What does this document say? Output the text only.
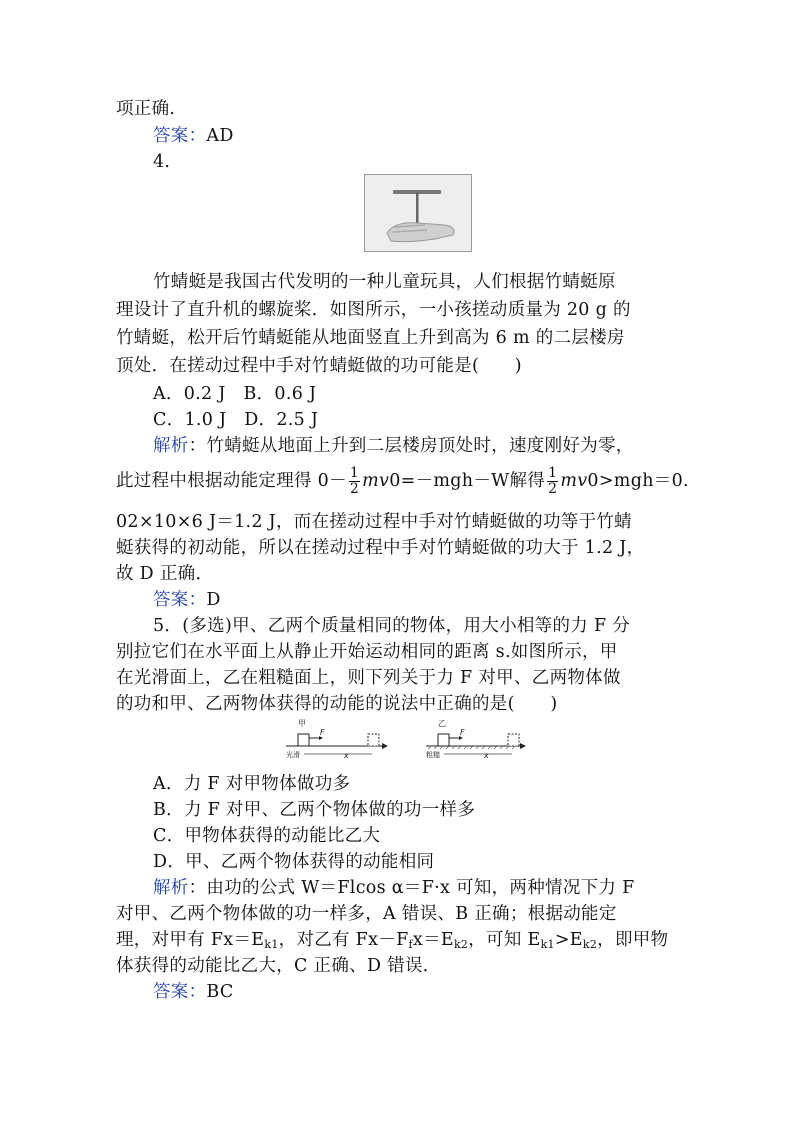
项正确.
答案：AD
4.
竹蜻蜓是我国古代发明的一种儿童玩具，人们根据竹蜻蜓原
理设计了直升机的螺旋桨．如图所示，一小孩搓动质量为 20 g 的
竹蜻蜓，松开后竹蜻蜓能从地面竖直上升到高为 6 m 的二层楼房
顶处．在搓动过程中手对竹蜻蜓做的功可能是(　　)
A．0.2 J　B．0.6 J
C．1.0 J　D．2.5 J
解析：竹蜻蜓从地面上升到二层楼房顶处时，速度刚好为零，
此过程中根据动能定理得 $0- \frac{1}{2} mv0=-mgh-W$解得 $\frac{1}{2} mv0>mgh=0$.
02×10×6 J＝1.2 J，而在搓动过程中手对竹蜻蜓做的功等于竹蜻
蜓获得的初动能，所以在搓动过程中手对竹蜻蜓做的功大于 1.2 J，
故 D 正确．
答案：D
5．(多选)甲、乙两个质量相同的物体，用大小相等的力 F 分
别拉它们在水平面上从静止开始运动相同的距离 s.如图所示，甲
在光滑面上，乙在粗糙面上，则下列关于力 F 对甲、乙两物体做
的功和甲、乙两物体获得的动能的说法中正确的是(　　)
甲
F
x
光滑
乙
F
x
粗糙
A．力 F 对甲物体做功多
B．力 F 对甲、乙两个物体做的功一样多
C．甲物体获得的动能比乙大
D．甲、乙两个物体获得的动能相同
解析：由功的公式 W＝Flcos α＝F·x 可知，两种情况下力 F
对甲、乙两个物体做的功一样多，A 错误、B 正确；根据动能定
理，对甲有 $Fx=E_{k1}$，对乙有 $Fx-F_fx=E_{k2}$，可知 $E_{k1}>E_{k2}$，即甲物
体获得的动能比乙大，C 正确、D 错误．
答案：BC
